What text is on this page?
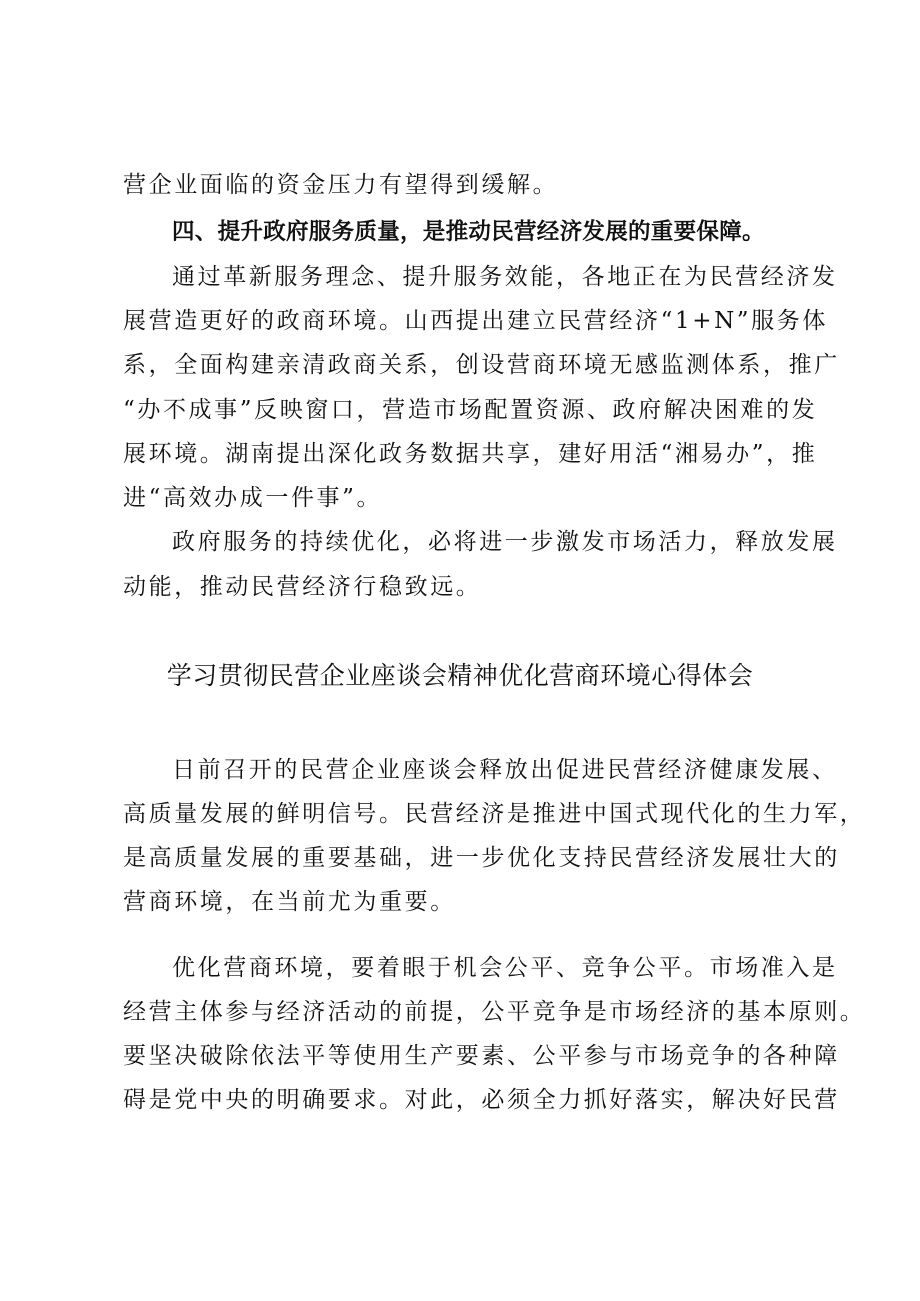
营企业面临的资金压力有望得到缓解。
四、提升政府服务质量，是推动民营经济发展的重要保障。
通过革新服务理念、提升服务效能，各地正在为民营经济发
展营造更好的政商环境。山西提出建立民营经济“1+N”服务体
系，全面构建亲清政商关系，创设营商环境无感监测体系，推广
“办不成事”反映窗口，营造市场配置资源、政府解决困难的发
展环境。湖南提出深化政务数据共享，建好用活“湘易办”，推
进“高效办成一件事”。
政府服务的持续优化，必将进一步激发市场活力，释放发展
动能，推动民营经济行稳致远。
学习贯彻民营企业座谈会精神优化营商环境心得体会
日前召开的民营企业座谈会释放出促进民营经济健康发展、
高质量发展的鲜明信号。民营经济是推进中国式现代化的生力军，
是高质量发展的重要基础，进一步优化支持民营经济发展壮大的
营商环境，在当前尤为重要。
优化营商环境，要着眼于机会公平、竞争公平。市场准入是
经营主体参与经济活动的前提，公平竞争是市场经济的基本原则。
要坚决破除依法平等使用生产要素、公平参与市场竞争的各种障
碍是党中央的明确要求。对此，必须全力抓好落实，解决好民营
